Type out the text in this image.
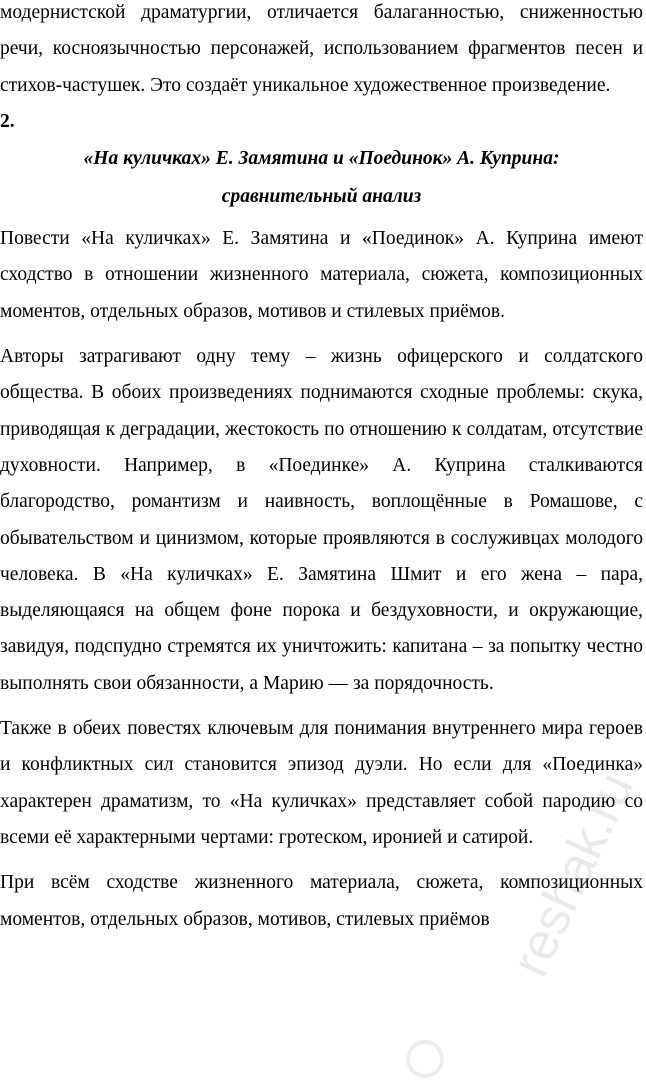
модернистской драматургии, отличается балаганностью, сниженностью речи, косноязычностью персонажей, использованием фрагментов песен и стихов-частушек. Это создаёт уникальное художественное произведение.

2.

«На куличках» Е. Замятина и «Поединок» А. Куприна:

сравнительный анализ

Повести «На куличках» Е. Замятина и «Поединок» А. Куприна имеют сходство в отношении жизненного материала, сюжета, композиционных моментов, отдельных образов, мотивов и стилевых приёмов.

Авторы затрагивают одну тему – жизнь офицерского и солдатского общества. В обоих произведениях поднимаются сходные проблемы: скука, приводящая к деградации, жестокость по отношению к солдатам, отсутствие духовности. Например, в «Поединке» А. Куприна сталкиваются благородство, романтизм и наивность, воплощённые в Ромашове, с обывательством и цинизмом, которые проявляются в сослуживцах молодого человека. В «На куличках» Е. Замятина Шмит и его жена – пара, выделяющаяся на общем фоне порока и бездуховности, и окружающие, завидуя, подспудно стремятся их уничтожить: капитана – за попытку честно выполнять свои обязанности, а Марию — за порядочность.

Также в обеих повестях ключевым для понимания внутреннего мира героев и конфликтных сил становится эпизод дуэли. Но если для «Поединка» характерен драматизм, то «На куличках» представляет собой пародию со всеми её характерными чертами: гротеском, иронией и сатирой.

При всём сходстве жизненного материала, сюжета, композиционных моментов, отдельных образов, мотивов, стилевых приёмов reshak.ru
